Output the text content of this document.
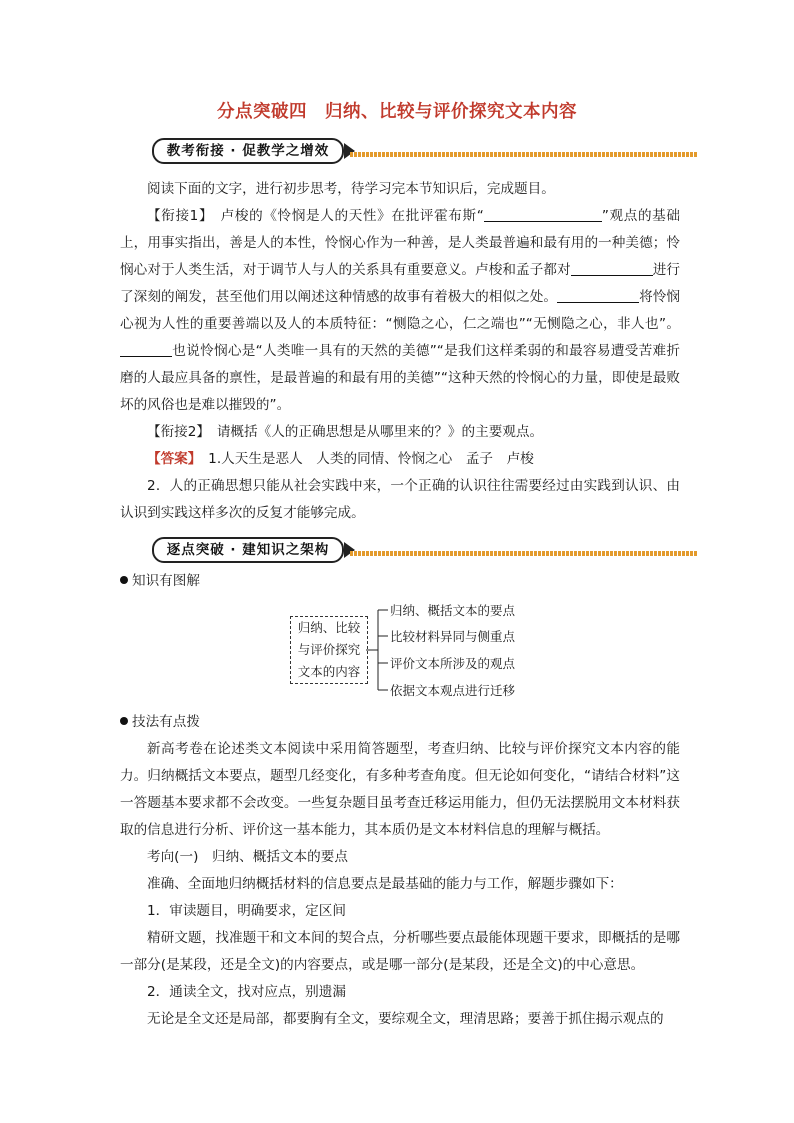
分点突破四　归纳、比较与评价探究文本内容
教考衔接 · 促教学之增效
阅读下面的文字，进行初步思考，待学习完本节知识后，完成题目。
【衔接1】　 卢梭的《怜悯是人的天性》在批评霍布斯“	”观点的基础上，用事实指出，善是人的本性，怜悯心作为一种善，是人类最普遍和最有用的一种美德；怜悯心对于人类生活，对于调节人与人的关系具有重要意义。卢梭和孟子都对	进行了深刻的阐发，甚至他们用以阐述这种情感的故事有着极大的相似之处。	将怜悯心视为人性的重要善端以及人的本质特征：“恻隐之心，仁之端也”“无恻隐之心，非人也”。也说怜悯心是“人类唯一具有的天然的美德”“是我们这样柔弱的和最容易遭受苦难折磨的人最应具备的禀性，是最普遍的和最有用的美德”“这种天然的怜悯心的力量，即使是最败坏的风俗也是难以摧毁的”。
【衔接2】　 请概括《人的正确思想是从哪里来的？》的主要观点。
【答案】　 1.人天生是恶人　人类的同情、怜悯之心　孟子　卢梭
2．人的正确思想只能从社会实践中来，一个正确的认识往往需要经过由实践到认识、由认识到实践这样多次的反复才能够完成。
逐点突破 · 建知识之架构
知识有图解
归纳、比较与评价探究文本的内容
归纳、概括文本的要点
比较材料异同与侧重点
评价文本所涉及的观点
依据文本观点进行迁移
技法有点拨
新高考卷在论述类文本阅读中采用简答题型，考查归纳、比较与评价探究文本内容的能力。归纳概括文本要点，题型几经变化，有多种考查角度。但无论如何变化，“请结合材料”这一答题基本要求都不会改变。一些复杂题目虽考查迁移运用能力，但仍无法摆脱用文本材料获取的信息进行分析、评价这一基本能力，其本质仍是文本材料信息的理解与概括。
考向(一)　归纳、概括文本的要点
准确、全面地归纳概括材料的信息要点是最基础的能力与工作，解题步骤如下：
1．审读题目，明确要求，定区间
精研文题，找准题干和文本间的契合点，分析哪些要点最能体现题干要求，即概括的是哪一部分(是某段，还是全文)的内容要点，或是哪一部分(是某段，还是全文)的中心意思。
2．通读全文，找对应点，别遗漏
无论是全文还是局部，都要胸有全文，要综观全文，理清思路；要善于抓住揭示观点的
